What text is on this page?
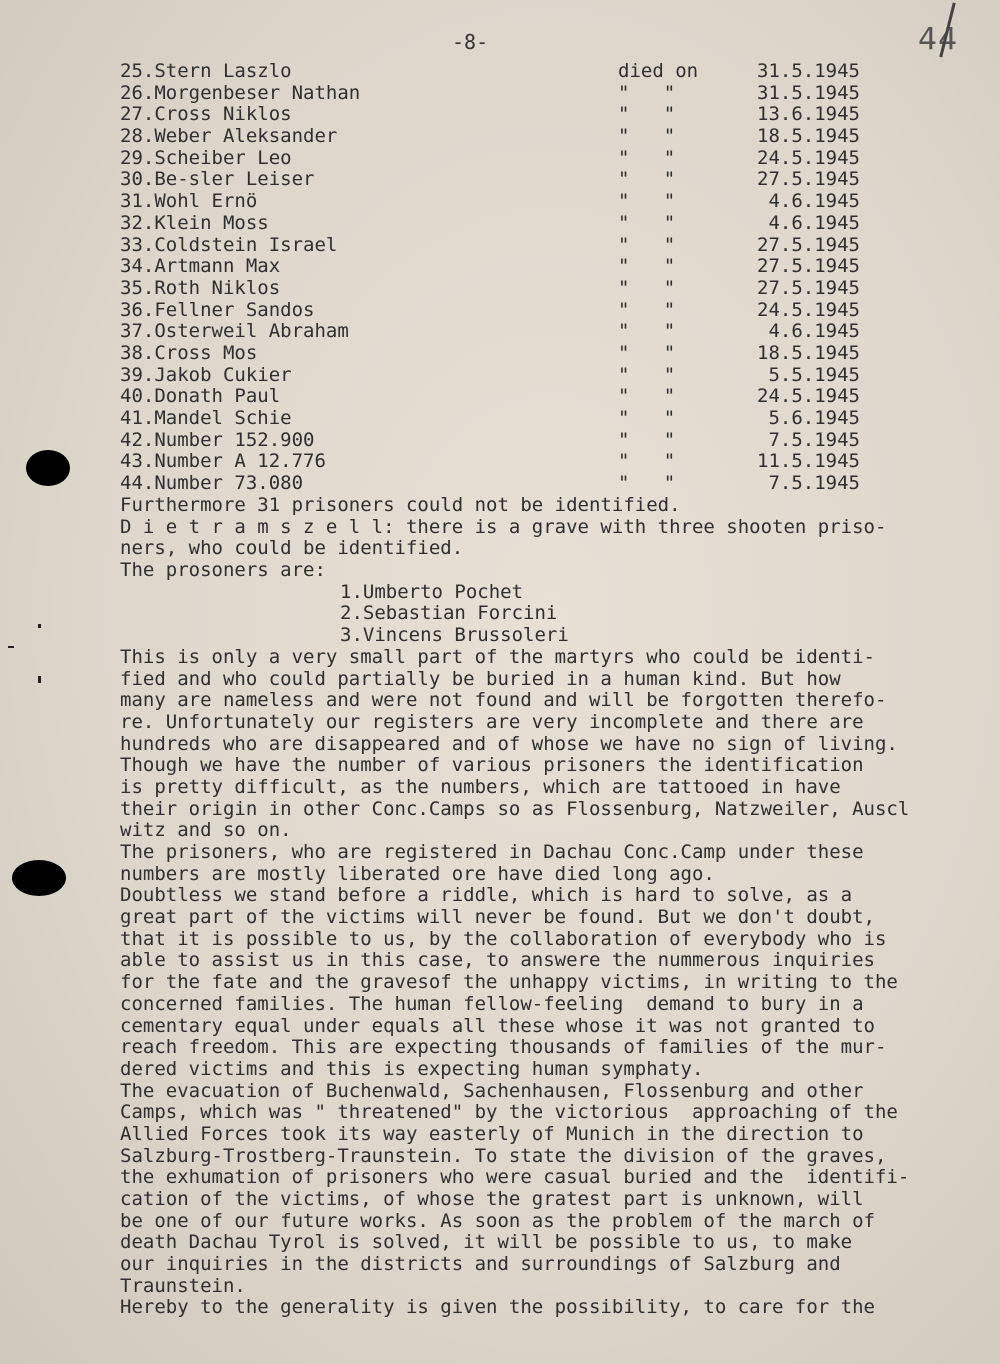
-8-	44
25.Stern Laszlo	died on	31.5.1945
26.Morgenbeser Nathan	"   "	31.5.1945
27.Cross Niklos	"   "	13.6.1945
28.Weber Aleksander	"   "	18.5.1945
29.Scheiber Leo	"   "	24.5.1945
30.Be-sler Leiser	"   "	27.5.1945
31.Wohl Ernö	"   "	4.6.1945
32.Klein Moss	"   "	4.6.1945
33.Coldstein Israel	"   "	27.5.1945
34.Artmann Max	"   "	27.5.1945
35.Roth Niklos	"   "	27.5.1945
36.Fellner Sandos	"   "	24.5.1945
37.Osterweil Abraham	"   "	4.6.1945
38.Cross Mos	"   "	18.5.1945
39.Jakob Cukier	"   "	5.5.1945
40.Donath Paul	"   "	24.5.1945
41.Mandel Schie	"   "	5.6.1945
42.Number 152.900	"   "	7.5.1945
43.Number A 12.776	"   "	11.5.1945
44.Number 73.080	"   "	7.5.1945
Furthermore 31 prisoners could not be identified.
D i e t r a m s z e l l: there is a grave with three shooten priso-
ners, who could be identified.
The prosoners are:
1.Umberto Pochet
2.Sebastian Forcini
3.Vincens Brussoleri
This is only a very small part of the martyrs who could be identi-
fied and who could partially be buried in a human kind. But how
many are nameless and were not found and will be forgotten therefo-
re. Unfortunately our registers are very incomplete and there are
hundreds who are disappeared and of whose we have no sign of living.
Though we have the number of various prisoners the identification
is pretty difficult, as the numbers, which are tattooed in have
their origin in other Conc.Camps so as Flossenburg, Natzweiler, Auscl
witz and so on.
The prisoners, who are registered in Dachau Conc.Camp under these
numbers are mostly liberated ore have died long ago.
Doubtless we stand before a riddle, which is hard to solve, as a
great part of the victims will never be found. But we don't doubt,
that it is possible to us, by the collaboration of everybody who is
able to assist us in this case, to answere the nummerous inquiries
for the fate and the gravesof the unhappy victims, in writing to the
concerned families. The human fellow-feeling  demand to bury in a
cementary equal under equals all these whose it was not granted to
reach freedom. This are expecting thousands of families of the mur-
dered victims and this is expecting human symphaty.
The evacuation of Buchenwald, Sachenhausen, Flossenburg and other
Camps, which was " threatened" by the victorious  approaching of the
Allied Forces took its way easterly of Munich in the direction to
Salzburg-Trostberg-Traunstein. To state the division of the graves,
the exhumation of prisoners who were casual buried and the  identifi-
cation of the victims, of whose the gratest part is unknown, will
be one of our future works. As soon as the problem of the march of
death Dachau Tyrol is solved, it will be possible to us, to make
our inquiries in the districts and surroundings of Salzburg and
Traunstein.
Hereby to the generality is given the possibility, to care for the
